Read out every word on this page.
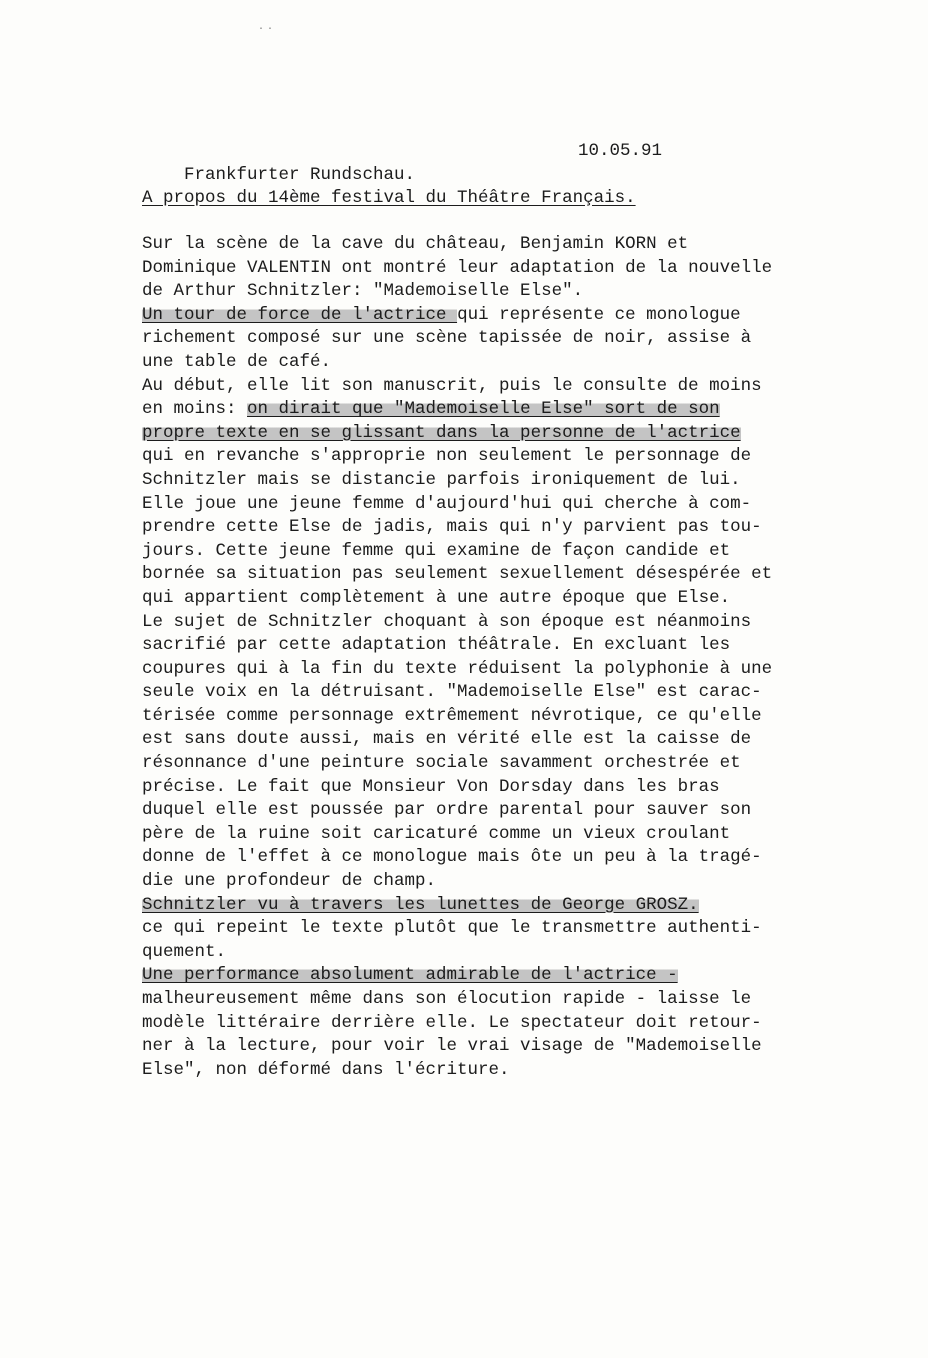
..

Frankfurter Rundschau.

10.05.91

A propos du 14ème festival du Théâtre Français.
Sur la scène de la cave du château, Benjamin KORN et
Dominique VALENTIN ont montré leur adaptation de la nouvelle
de Arthur Schnitzler: "Mademoiselle Else".
Un tour de force de l'actrice qui représente ce monologue
richement composé sur une scène tapissée de noir, assise à
une table de café.
Au début, elle lit son manuscrit, puis le consulte de moins
en moins: on dirait que "Mademoiselle Else" sort de son
propre texte en se glissant dans la personne de l'actrice
qui en revanche s'approprie non seulement le personnage de
Schnitzler mais se distancie parfois ironiquement de lui.
Elle joue une jeune femme d'aujourd'hui qui cherche à com-
prendre cette Else de jadis, mais qui n'y parvient pas tou-
jours. Cette jeune femme qui examine de façon candide et
bornée sa situation pas seulement sexuellement désespérée et
qui appartient complètement à une autre époque que Else.
Le sujet de Schnitzler choquant à son époque est néanmoins
sacrifié par cette adaptation théâtrale. En excluant les
coupures qui à la fin du texte réduisent la polyphonie à une
seule voix en la détruisant. "Mademoiselle Else" est carac-
térisée comme personnage extrêmement névrotique, ce qu'elle
est sans doute aussi, mais en vérité elle est la caisse de
résonnance d'une peinture sociale savamment orchestrée et
précise. Le fait que Monsieur Von Dorsday dans les bras
duquel elle est poussée par ordre parental pour sauver son
père de la ruine soit caricaturé comme un vieux croulant
donne de l'effet à ce monologue mais ôte un peu à la tragé-
die une profondeur de champ.
Schnitzler vu à travers les lunettes de George GROSZ.
ce qui repeint le texte plutôt que le transmettre authenti-
quement.
Une performance absolument admirable de l'actrice -
malheureusement même dans son élocution rapide - laisse le
modèle littéraire derrière elle. Le spectateur doit retour-
ner à la lecture, pour voir le vrai visage de "Mademoiselle
Else", non déformé dans l'écriture.
